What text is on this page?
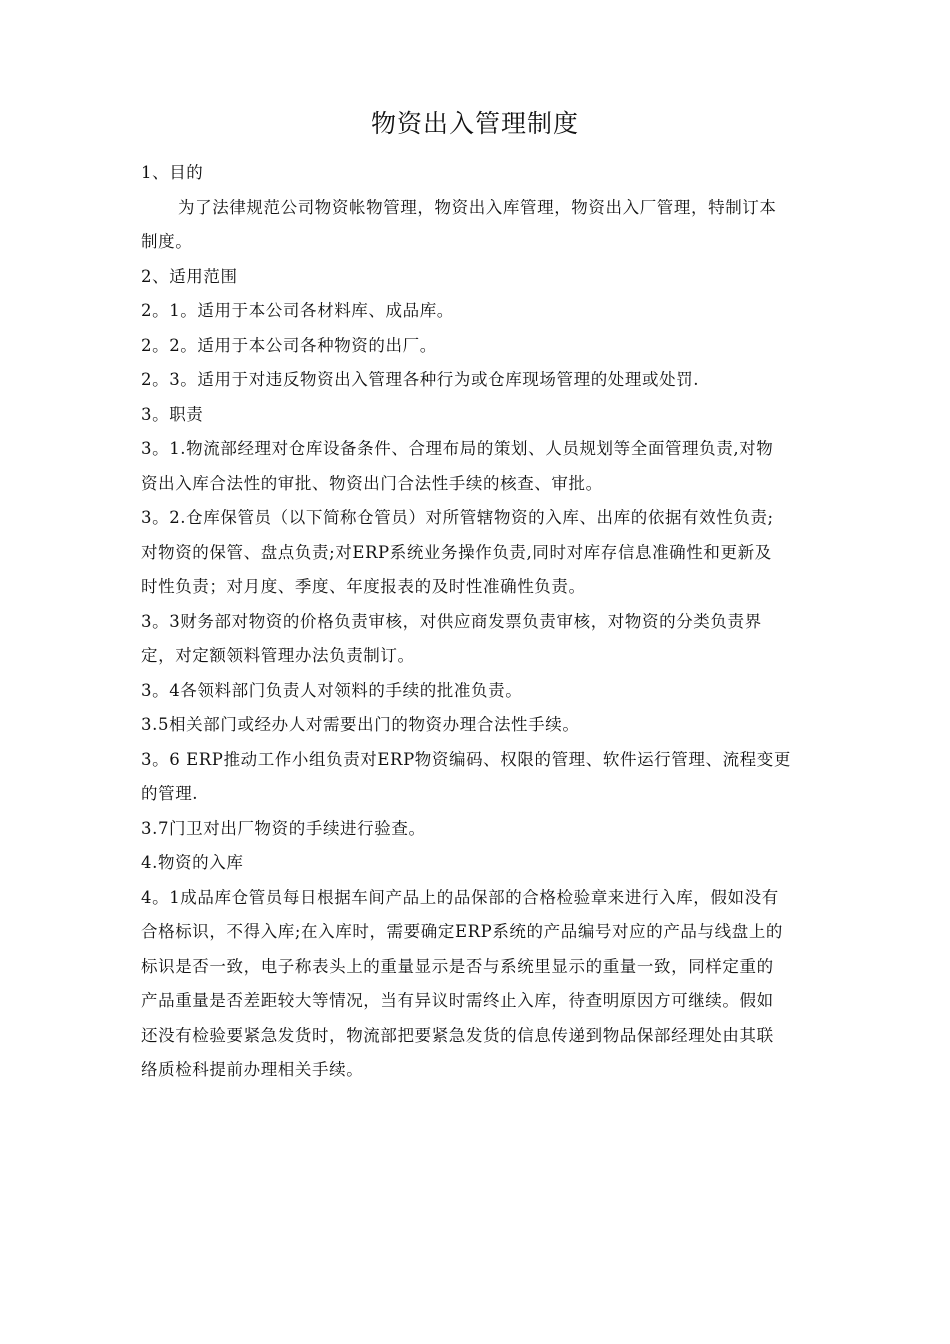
物资出入管理制度
1、目的
为了法律规范公司物资帐物管理，物资出入库管理，物资出入厂管理，特制订本
制度。
2、适用范围
2。1。适用于本公司各材料库、成品库。
2。2。适用于本公司各种物资的出厂。
2。3。适用于对违反物资出入管理各种行为或仓库现场管理的处理或处罚.
3。职责
3。1.物流部经理对仓库设备条件、合理布局的策划、人员规划等全面管理负责,对物
资出入库合法性的审批、物资出门合法性手续的核查、审批。
3。2.仓库保管员（以下简称仓管员）对所管辖物资的入库、出库的依据有效性负责;
对物资的保管、盘点负责;对ERP系统业务操作负责,同时对库存信息准确性和更新及
时性负责；对月度、季度、年度报表的及时性准确性负责。
3。3财务部对物资的价格负责审核，对供应商发票负责审核，对物资的分类负责界
定，对定额领料管理办法负责制订。
3。4各领料部门负责人对领料的手续的批准负责。
3.5相关部门或经办人对需要出门的物资办理合法性手续。
3。6 ERP推动工作小组负责对ERP物资编码、权限的管理、软件运行管理、流程变更
的管理.
3.7门卫对出厂物资的手续进行验查。
4.物资的入库
4。1成品库仓管员每日根据车间产品上的品保部的合格检验章来进行入库，假如没有
合格标识，不得入库;在入库时，需要确定ERP系统的产品编号对应的产品与线盘上的
标识是否一致，电子称表头上的重量显示是否与系统里显示的重量一致，同样定重的
产品重量是否差距较大等情况，当有异议时需终止入库，待查明原因方可继续。假如
还没有检验要紧急发货时，物流部把要紧急发货的信息传递到物品保部经理处由其联
络质检科提前办理相关手续。
